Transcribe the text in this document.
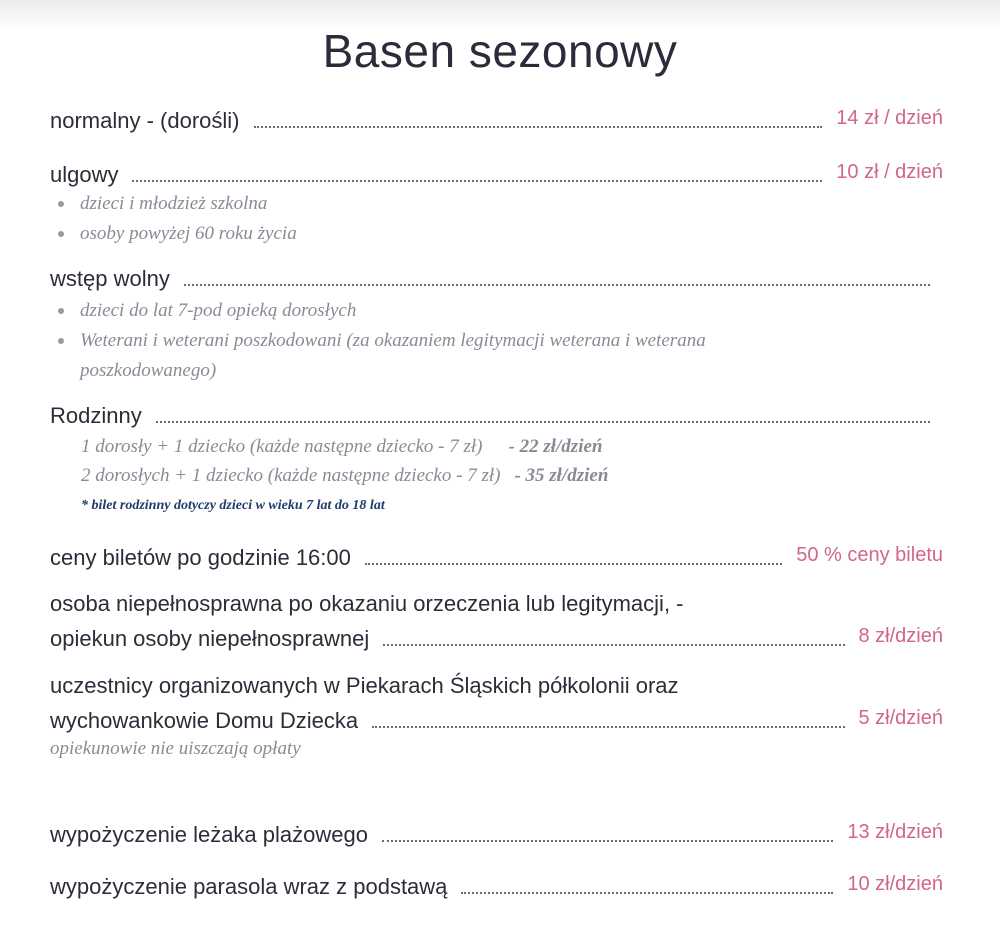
Basen sezonowy
normalny - (dorośli)	14 zł / dzień
ulgowy	10 zł / dzień
dzieci i młodzież szkolna
osoby powyżej 60 roku życia
wstęp wolny
dzieci do lat 7-pod opieką dorosłych
Weterani i weterani poszkodowani (za okazaniem legitymacji weterana i weterana poszkodowanego)
Rodzinny
1 dorosły + 1 dziecko (każde następne dziecko - 7 zł) - 22 zł/dzień
2 dorosłych + 1 dziecko (każde następne dziecko - 7 zł) - 35 zł/dzień
* bilet rodzinny dotyczy dzieci w wieku 7 lat do 18 lat
ceny biletów po godzinie 16:00	50 % ceny biletu
osoba niepełnosprawna po okazaniu orzeczenia lub legitymacji, -
opiekun osoby niepełnosprawnej	8 zł/dzień
uczestnicy organizowanych w Piekarach Śląskich półkolonii oraz
wychowankowie Domu Dziecka	5 zł/dzień
opiekunowie nie uiszczają opłaty
wypożyczenie leżaka plażowego	13 zł/dzień
wypożyczenie parasola wraz z podstawą	10 zł/dzień
